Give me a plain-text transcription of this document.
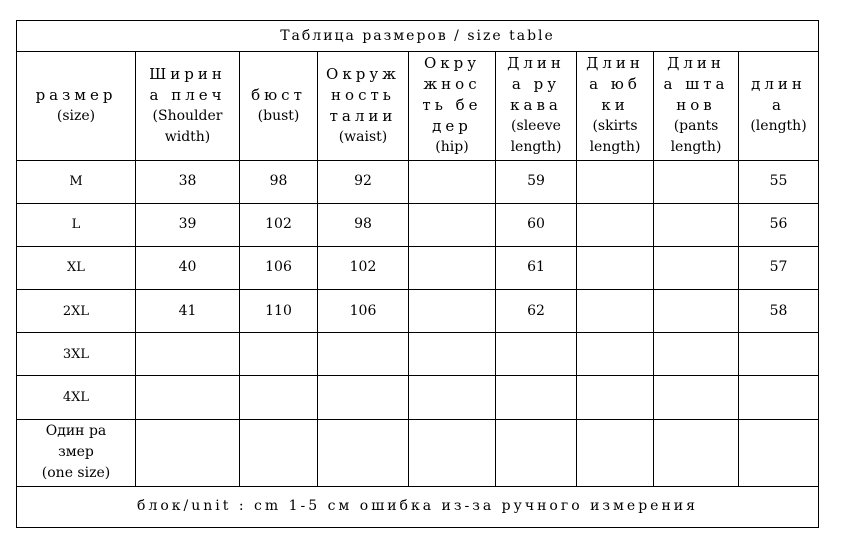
Таблица размеров / size table								

размер
(size)	Ширин
а плеч
(Shoulder
width)	бюст
(bust)	Окруж
ность
талии
(waist)	Окру
жнос
ть бе
дер
(hip)	Длин
а ру
кава
(sleeve
length)	Длин
а юб
ки
(skirts
length)	Длин
а шта
нов
(pants
length)	длин
а
(length)

M	38	98	92		59			55
L	39	102	98		60			56
XL	40	106	102		61			57
2XL	41	110	106		62			58
3XL								
4XL								

Один ра
змер
(one size)								

блок/unit : cm 1-5 см ошибка из-за ручного измерения								
